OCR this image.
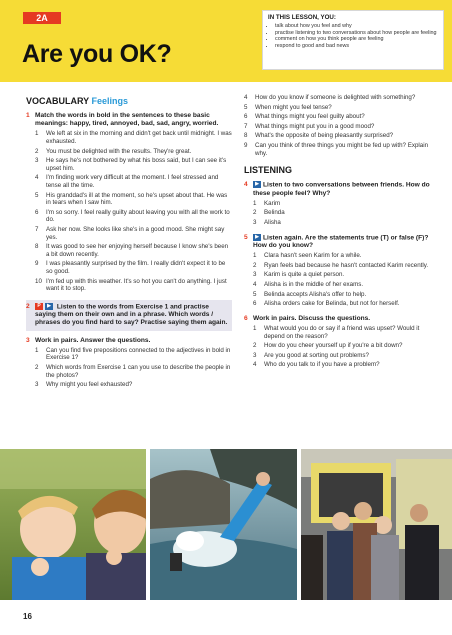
2A
Are you OK?
IN THIS LESSON, YOU:
• talk about how you feel and why
• practise listening to two conversations about how people are feeling
• comment on how you think people are feeling
• respond to good and bad news
VOCABULARY Feelings
1 Match the words in bold in the sentences to these basic meanings: happy, tired, annoyed, bad, sad, angry, worried.
1	We left at six in the morning and didn't get back until midnight. I was exhausted.
2	You must be delighted with the results. They're great.
3	He says he's not bothered by what his boss said, but I can see it's upset him.
4	I'm finding work very difficult at the moment. I feel stressed and tense all the time.
5	His granddad's ill at the moment, so he's upset about that. He was in tears when I saw him.
6	I'm so sorry. I feel really guilty about leaving you with all the work to do.
7	Ask her now. She looks like she's in a good mood. She might say yes.
8	It was good to see her enjoying herself because I know she's been a bit down recently.
9	I was pleasantly surprised by the film. I really didn't expect it to be so good.
10 I'm fed up with this weather. It's so hot you can't do anything. I just want it to stop.
2	P ▶ Listen to the words from Exercise 1 and practise saying them on their own and in a phrase. Which words / phrases do you find hard to say? Practise saying them again.
3 Work in pairs. Answer the questions.
1	Can you find five prepositions connected to the adjectives in bold in Exercise 1?
2	Which words from Exercise 1 can you use to describe the people in the photos?
3	Why might you feel exhausted?
4	How do you know if someone is delighted with something?
5	When might you feel tense?
6	What things might you feel guilty about?
7	What things might put you in a good mood?
8	What's the opposite of being pleasantly surprised?
9	Can you think of three things you might be fed up with? Explain why.
LISTENING
4	▶ Listen to two conversations between friends. How do these people feel? Why?
1	Karim
2	Belinda
3	Alisha
5	▶ Listen again. Are the statements true (T) or false (F)? How do you know?
1	Clara hasn't seen Karim for a while.
2	Ryan feels bad because he hasn't contacted Karim recently.
3	Karim is quite a quiet person.
4	Alisha is in the middle of her exams.
5	Belinda accepts Alisha's offer to help.
6	Alisha orders cake for Belinda, but not for herself.
6 Work in pairs. Discuss the questions.
1	What would you do or say if a friend was upset? Would it depend on the reason?
2	How do you cheer yourself up if you're a bit down?
3	Are you good at sorting out problems?
4	Who do you talk to if you have a problem?
16
